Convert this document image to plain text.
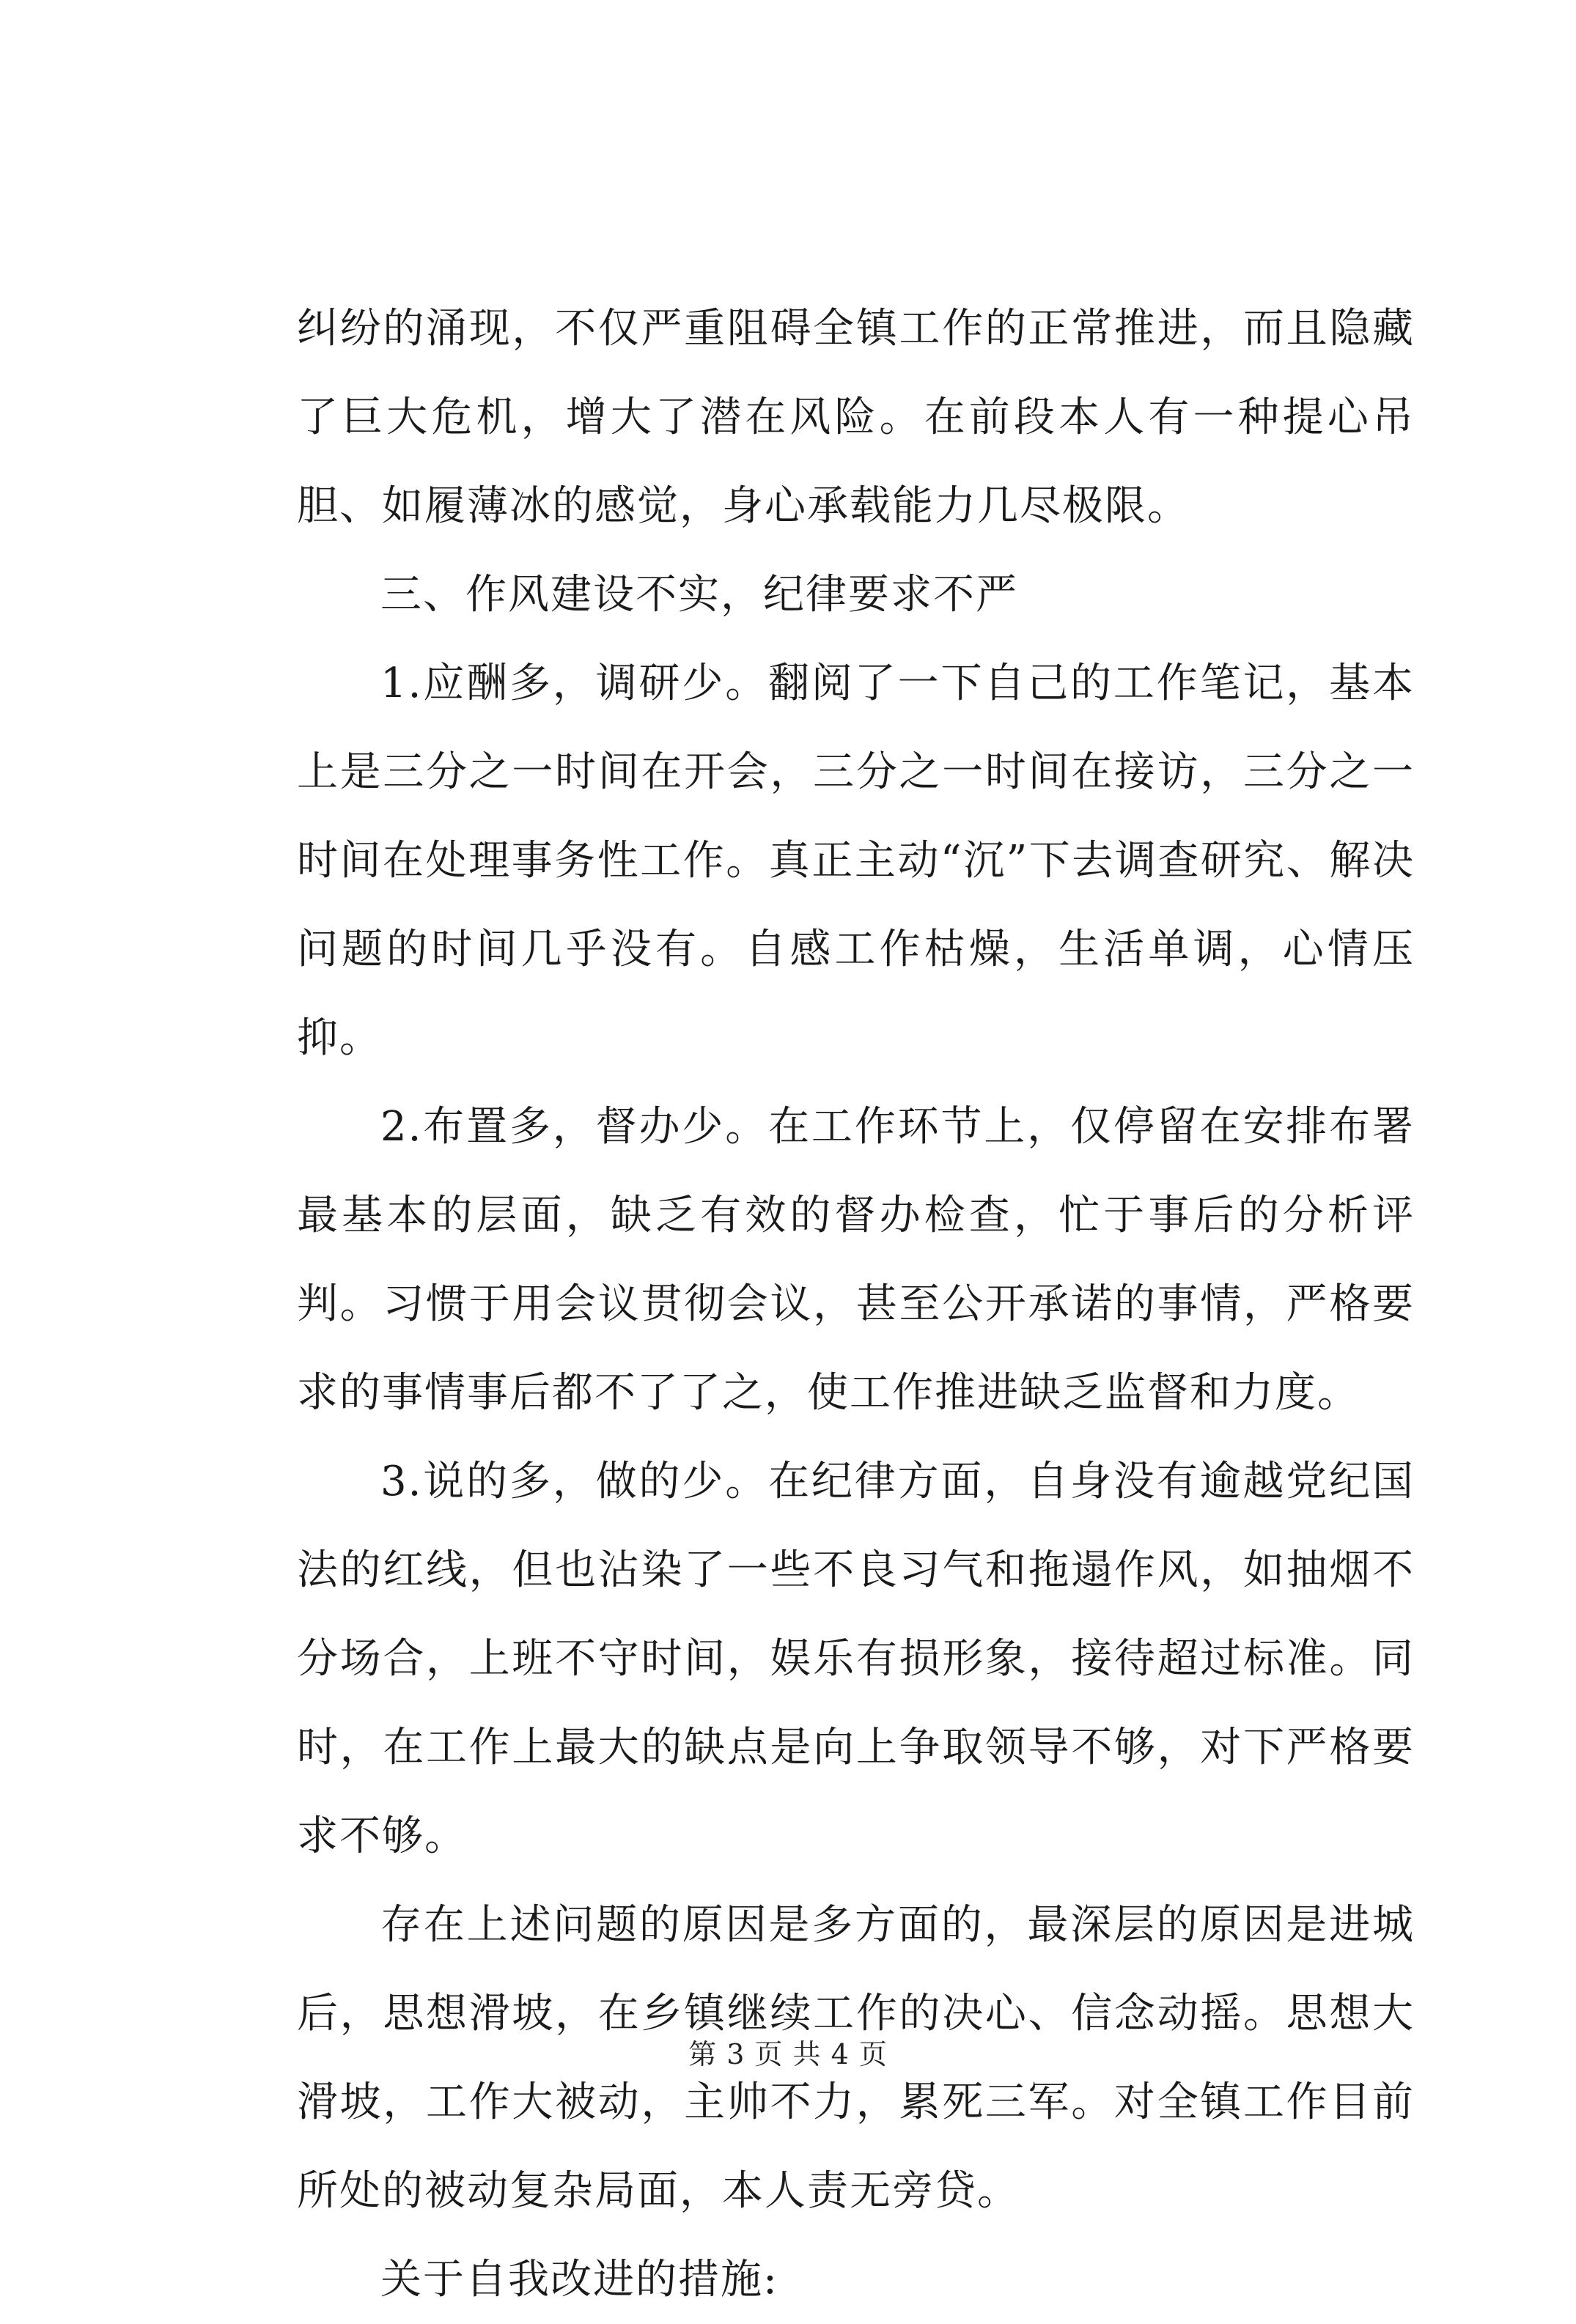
纠纷的涌现，不仅严重阻碍全镇工作的正常推进，而且隐藏了巨大危机，增大了潜在风险。在前段本人有一种提心吊胆、如履薄冰的感觉，身心承载能力几尽极限。

三、作风建设不实，纪律要求不严

1.应酬多，调研少。翻阅了一下自己的工作笔记，基本上是三分之一时间在开会，三分之一时间在接访，三分之一时间在处理事务性工作。真正主动“沉”下去调查研究、解决问题的时间几乎没有。自感工作枯燥，生活单调，心情压抑。

2.布置多，督办少。在工作环节上，仅停留在安排布署最基本的层面，缺乏有效的督办检查，忙于事后的分析评判。习惯于用会议贯彻会议，甚至公开承诺的事情，严格要求的事情事后都不了了之，使工作推进缺乏监督和力度。

3.说的多，做的少。在纪律方面，自身没有逾越党纪国法的红线，但也沾染了一些不良习气和拖遢作风，如抽烟不分场合，上班不守时间，娱乐有损形象，接待超过标准。同时，在工作上最大的缺点是向上争取领导不够，对下严格要求不够。

存在上述问题的原因是多方面的，最深层的原因是进城后，思想滑坡，在乡镇继续工作的决心、信念动摇。思想大滑坡，工作大被动，主帅不力，累死三军。对全镇工作目前所处的被动复杂局面，本人责无旁贷。

关于自我改进的措施:

第 3 页 共 4 页
